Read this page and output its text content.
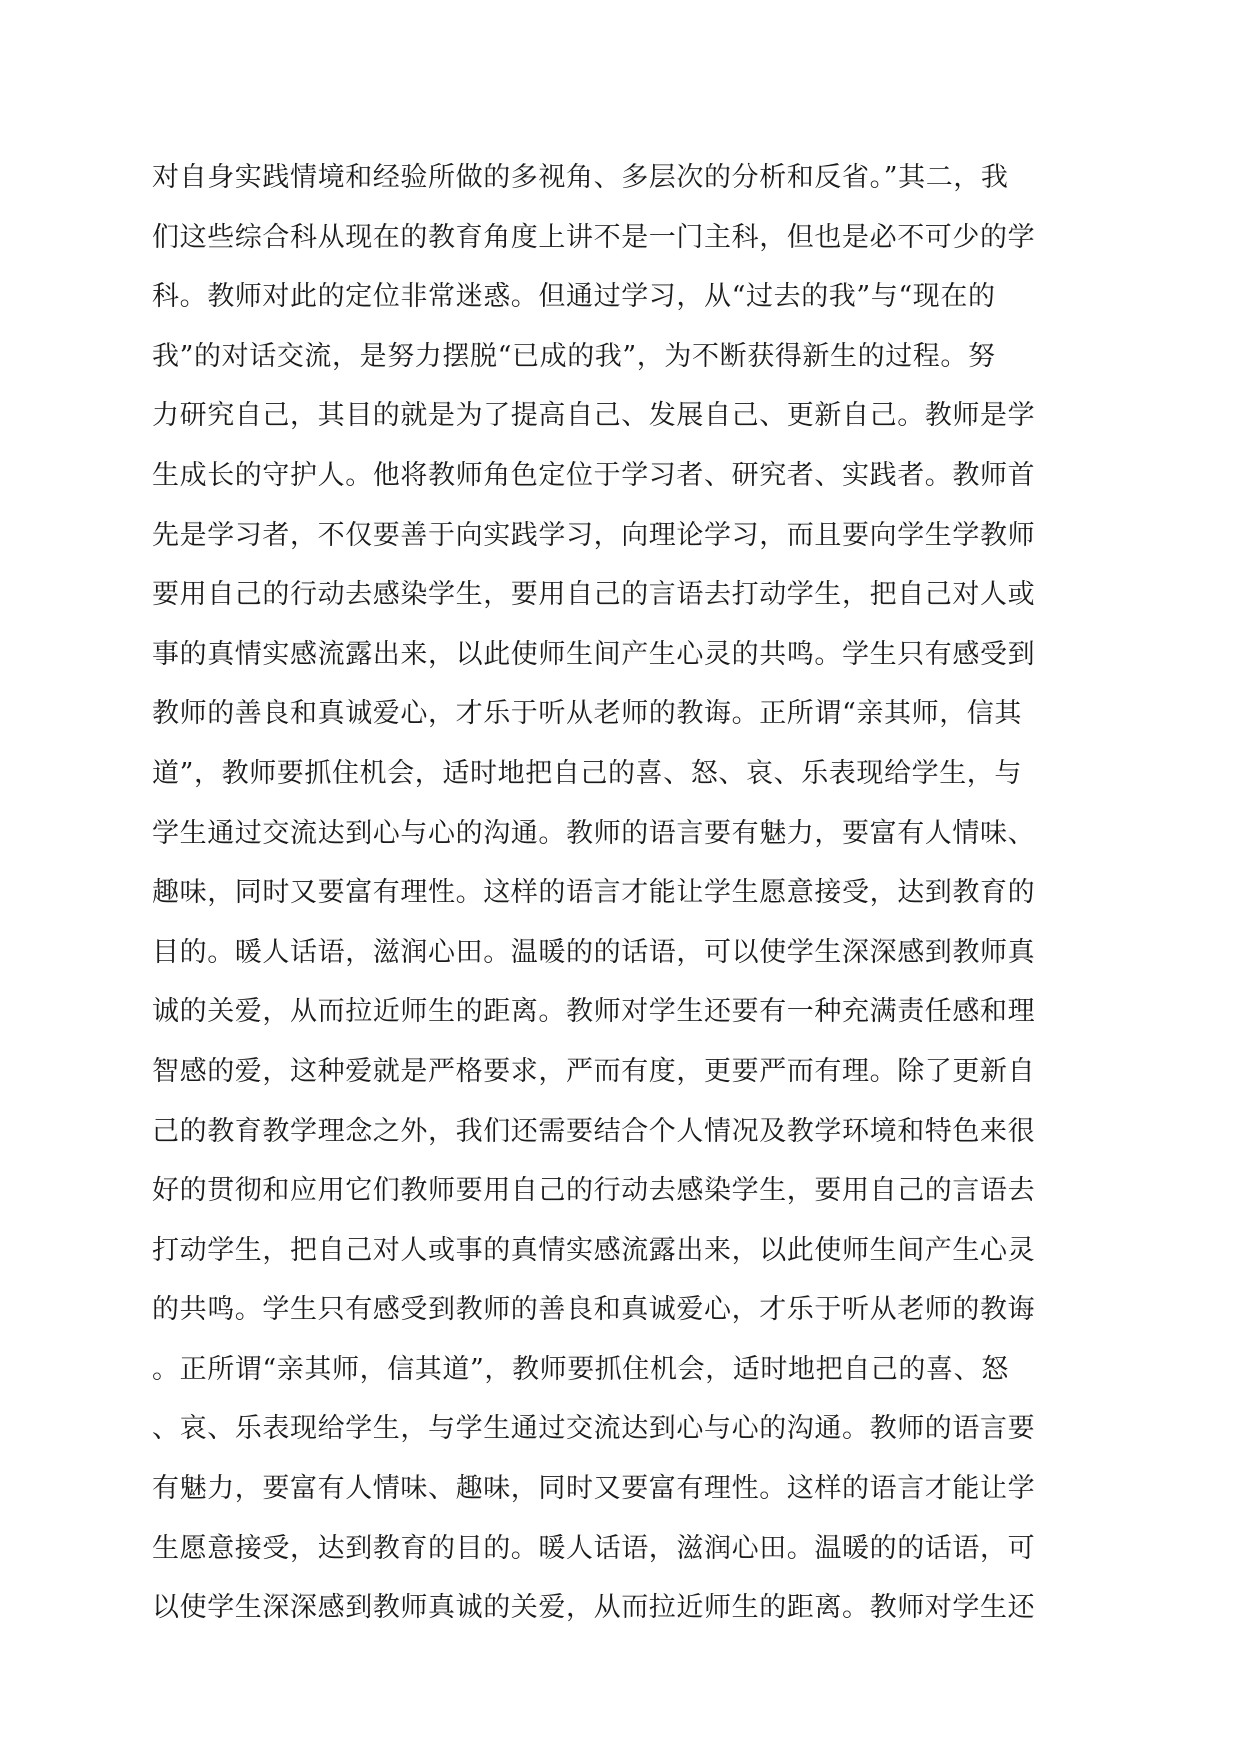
对自身实践情境和经验所做的多视角、多层次的分析和反省。”其二，我
们这些综合科从现在的教育角度上讲不是一门主科，但也是必不可少的学
科。教师对此的定位非常迷惑。但通过学习，从“过去的我”与“现在的
我”的对话交流，是努力摆脱“已成的我”，为不断获得新生的过程。努
力研究自己，其目的就是为了提高自己、发展自己、更新自己。教师是学
生成长的守护人。他将教师角色定位于学习者、研究者、实践者。教师首
先是学习者，不仅要善于向实践学习，向理论学习，而且要向学生学教师
要用自己的行动去感染学生，要用自己的言语去打动学生，把自己对人或
事的真情实感流露出来，以此使师生间产生心灵的共鸣。学生只有感受到
教师的善良和真诚爱心，才乐于听从老师的教诲。正所谓“亲其师，信其
道”，教师要抓住机会，适时地把自己的喜、怒、哀、乐表现给学生，与
学生通过交流达到心与心的沟通。教师的语言要有魅力，要富有人情味、
趣味，同时又要富有理性。这样的语言才能让学生愿意接受，达到教育的
目的。暖人话语，滋润心田。温暖的的话语，可以使学生深深感到教师真
诚的关爱，从而拉近师生的距离。教师对学生还要有一种充满责任感和理
智感的爱，这种爱就是严格要求，严而有度，更要严而有理。除了更新自
己的教育教学理念之外，我们还需要结合个人情况及教学环境和特色来很
好的贯彻和应用它们教师要用自己的行动去感染学生，要用自己的言语去
打动学生，把自己对人或事的真情实感流露出来，以此使师生间产生心灵
的共鸣。学生只有感受到教师的善良和真诚爱心，才乐于听从老师的教诲
。正所谓“亲其师，信其道”，教师要抓住机会，适时地把自己的喜、怒
、哀、乐表现给学生，与学生通过交流达到心与心的沟通。教师的语言要
有魅力，要富有人情味、趣味，同时又要富有理性。这样的语言才能让学
生愿意接受，达到教育的目的。暖人话语，滋润心田。温暖的的话语，可
以使学生深深感到教师真诚的关爱，从而拉近师生的距离。教师对学生还
